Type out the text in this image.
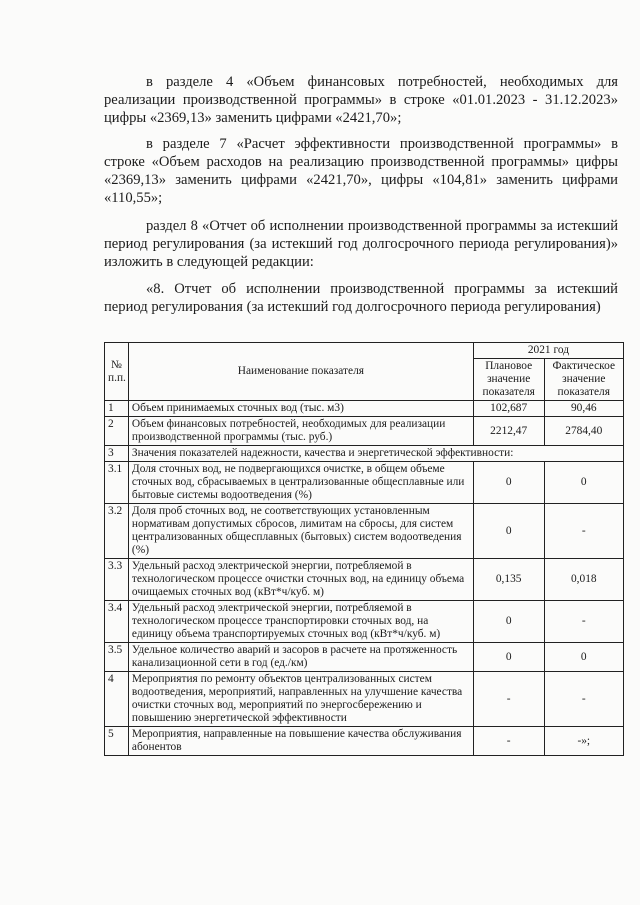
в разделе 4 «Объем финансовых потребностей, необходимых для реализации производственной программы» в строке «01.01.2023 - 31.12.2023» цифры «2369,13» заменить цифрами «2421,70»;

в разделе 7 «Расчет эффективности производственной программы» в строке «Объем расходов на реализацию производственной программы» цифры «2369,13» заменить цифрами «2421,70», цифры «104,81» заменить цифрами «110,55»;

раздел 8 «Отчет об исполнении производственной программы за истекший период регулирования (за истекший год долгосрочного периода регулирования)» изложить в следующей редакции:

«8. Отчет об исполнении производственной программы за истекший период регулирования (за истекший год долгосрочного периода регулирования)

№ п.п.	Наименование показателя	2021 год	
		Плановое значение показателя	Фактическое значение показателя
1	Объем принимаемых сточных вод (тыс. м3)	102,687	90,46
2	Объем финансовых потребностей, необходимых для реализации производственной программы (тыс. руб.)	2212,47	2784,40
3	Значения показателей надежности, качества и энергетической эффективности:		
3.1	Доля сточных вод, не подвергающихся очистке, в общем объеме сточных вод, сбрасываемых в централизованные общесплавные или бытовые системы водоотведения (%)	0	0
3.2	Доля проб сточных вод, не соответствующих установленным нормативам допустимых сбросов, лимитам на сбросы, для систем централизованных общесплавных (бытовых) систем водоотведения (%)	0	-
3.3	Удельный расход электрической энергии, потребляемой в технологическом процессе очистки сточных вод, на единицу объема очищаемых сточных вод (кВт*ч/куб. м)	0,135	0,018
3.4	Удельный расход электрической энергии, потребляемой в технологическом процессе транспортировки сточных вод, на единицу объема транспортируемых сточных вод (кВт*ч/куб. м)	0	-
3.5	Удельное количество аварий и засоров в расчете на протяженность канализационной сети в год (ед./км)	0	0
4	Мероприятия по ремонту объектов централизованных систем водоотведения, мероприятий, направленных на улучшение качества очистки сточных вод, мероприятий по энергосбережению и повышению энергетической эффективности	-	-
5	Мероприятия, направленные на повышение качества обслуживания абонентов	-	-»;
